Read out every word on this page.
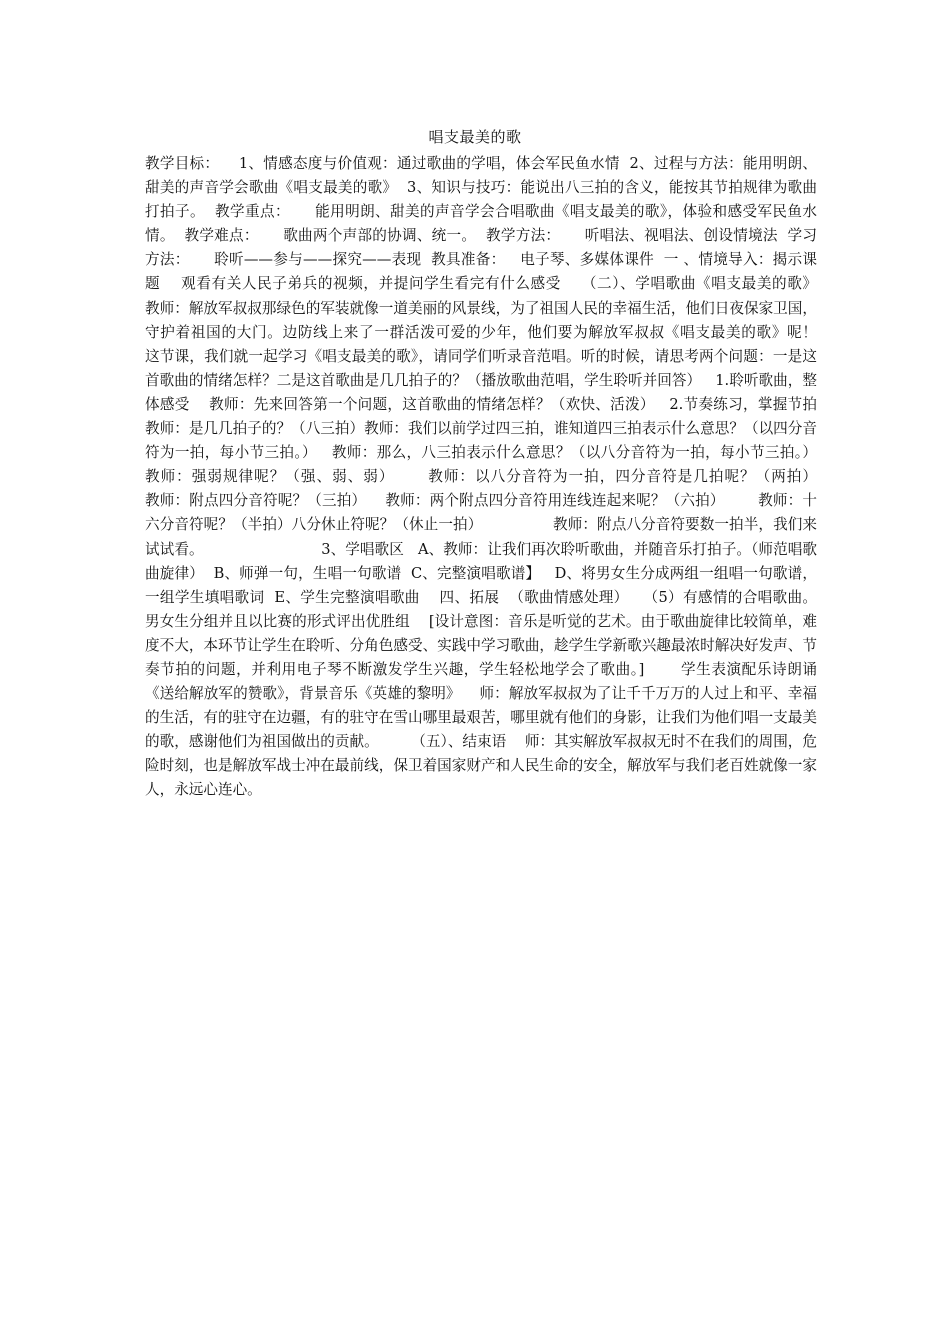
唱支最美的歌
教学目标：    1、情感态度与价值观：通过歌曲的学唱，体会军民鱼水情  2、过程与方法：能用明朗、甜美的声音学会歌曲《唱支最美的歌》  3、知识与技巧：能说出八三拍的含义，能按其节拍规律为歌曲打拍子。  教学重点：     能用明朗、甜美的声音学会合唱歌曲《唱支最美的歌》，体验和感受军民鱼水情。  教学难点：     歌曲两个声部的协调、统一。  教学方法：     听唱法、视唱法、创设情境法  学习方法：     聆听——参与——探究——表现  教具准备：   电子琴、多媒体课件  一 、情境导入：揭示课题    观看有关人民子弟兵的视频，并提问学生看完有什么感受    （二）、学唱歌曲《唱支最美的歌》    教师：解放军叔叔那绿色的军装就像一道美丽的风景线，为了祖国人民的幸福生活，他们日夜保家卫国，守护着祖国的大门。边防线上来了一群活泼可爱的少年，他们要为解放军叔叔《唱支最美的歌》呢！    这节课，我们就一起学习《唱支最美的歌》，请同学们听录音范唱。听的时候，请思考两个问题：一是这首歌曲的情绪怎样？二是这首歌曲是几几拍子的？（播放歌曲范唱，学生聆听并回答）   1.聆听歌曲，整体感受    教师：先来回答第一个问题，这首歌曲的情绪怎样？（欢快、活泼）   2.节奏练习，掌握节拍    教师：是几几拍子的？（八三拍）教师：我们以前学过四三拍，谁知道四三拍表示什么意思？（以四分音符为一拍，每小节三拍。）   教师：那么，八三拍表示什么意思？（以八分音符为一拍，每小节三拍。）  教师：强弱规律呢？（强、弱、弱）      教师：以八分音符为一拍，四分音符是几拍呢？（两拍）        教师：附点四分音符呢？（三拍）    教师：两个附点四分音符用连线连起来呢？（六拍）       教师：十六分音符呢？（半拍）八分休止符呢？（休止一拍）               教师：附点八分音符要数一拍半，我们来试试看。                         3、学唱歌区   A、教师：让我们再次聆听歌曲，并随音乐打拍子。（师范唱歌曲旋律）  B、师弹一句，生唱一句歌谱  C、完整演唱歌谱】   D、将男女生分成两组一组唱一句歌谱，一组学生填唱歌词  E、学生完整演唱歌曲    四、拓展  （歌曲情感处理）   （5）有感情的合唱歌曲。    男女生分组并且以比赛的形式评出优胜组    [设计意图：音乐是听觉的艺术。由于歌曲旋律比较简单，难度不大，本环节让学生在聆听、分角色感受、实践中学习歌曲，趁学生学新歌兴趣最浓时解决好发声、节奏节拍的问题，并利用电子琴不断激发学生兴趣，学生轻松地学会了歌曲。]       学生表演配乐诗朗诵《送给解放军的赞歌》，背景音乐《英雄的黎明》    师：解放军叔叔为了让千千万万的人过上和平、幸福的生活，有的驻守在边疆，有的驻守在雪山哪里最艰苦，哪里就有他们的身影，让我们为他们唱一支最美的歌，感谢他们为祖国做出的贡献。       （五）、结束语    师：其实解放军叔叔无时不在我们的周围，危险时刻，也是解放军战士冲在最前线，保卫着国家财产和人民生命的安全，解放军与我们老百姓就像一家人，永远心连心。
